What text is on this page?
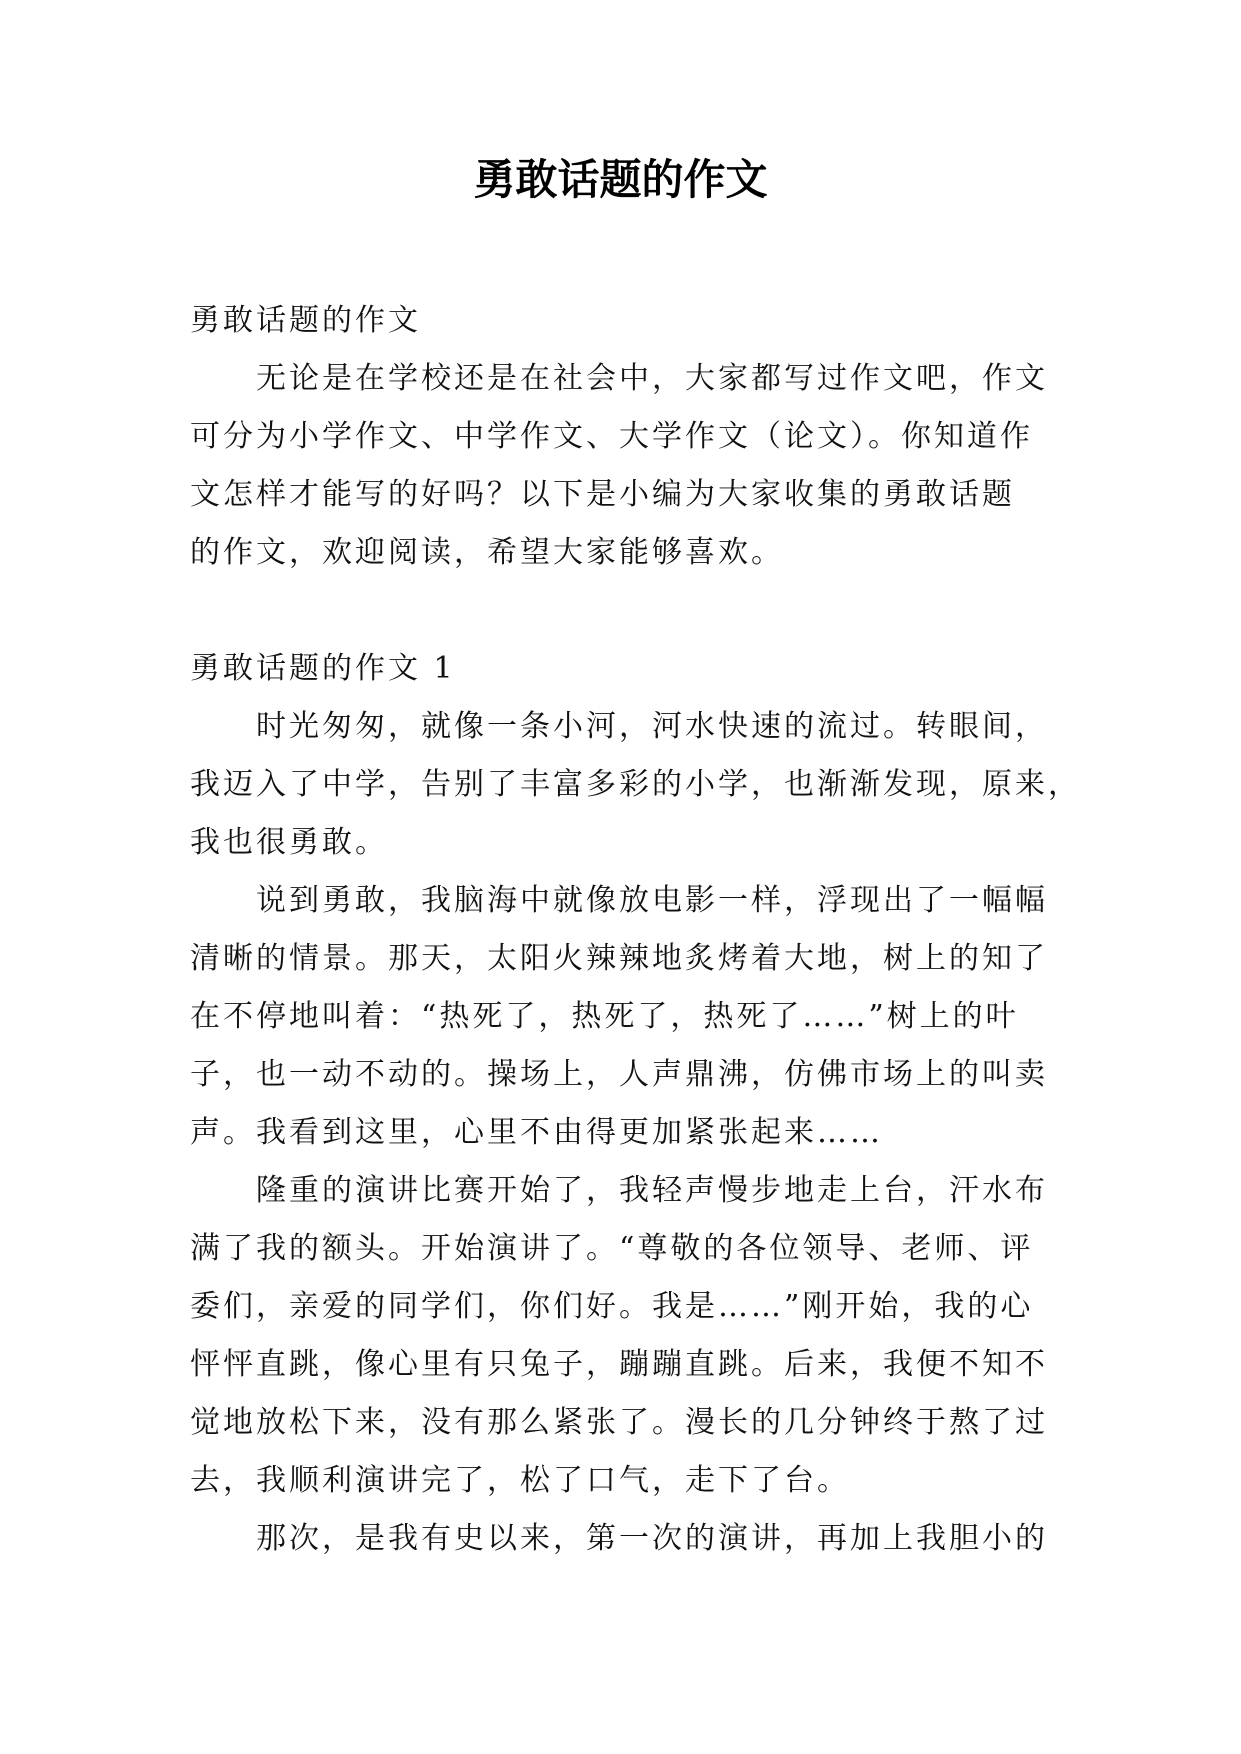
勇敢话题的作文

勇敢话题的作文

无论是在学校还是在社会中，大家都写过作文吧，作文

可分为小学作文、中学作文、大学作文（论文）。你知道作

文怎样才能写的好吗？以下是小编为大家收集的勇敢话题

的作文，欢迎阅读，希望大家能够喜欢。

勇敢话题的作文 1

时光匆匆，就像一条小河，河水快速的流过。转眼间，

我迈入了中学，告别了丰富多彩的小学，也渐渐发现，原来，

我也很勇敢。

说到勇敢，我脑海中就像放电影一样，浮现出了一幅幅

清晰的情景。那天，太阳火辣辣地炙烤着大地，树上的知了

在不停地叫着：“热死了，热死了，热死了……”树上的叶

子，也一动不动的。操场上，人声鼎沸，仿佛市场上的叫卖

声。我看到这里，心里不由得更加紧张起来……

隆重的演讲比赛开始了，我轻声慢步地走上台，汗水布

满了我的额头。开始演讲了。“尊敬的各位领导、老师、评

委们，亲爱的同学们，你们好。我是……”刚开始，我的心

怦怦直跳，像心里有只兔子，蹦蹦直跳。后来，我便不知不

觉地放松下来，没有那么紧张了。漫长的几分钟终于熬了过

去，我顺利演讲完了，松了口气，走下了台。

那次，是我有史以来，第一次的演讲，再加上我胆小的
